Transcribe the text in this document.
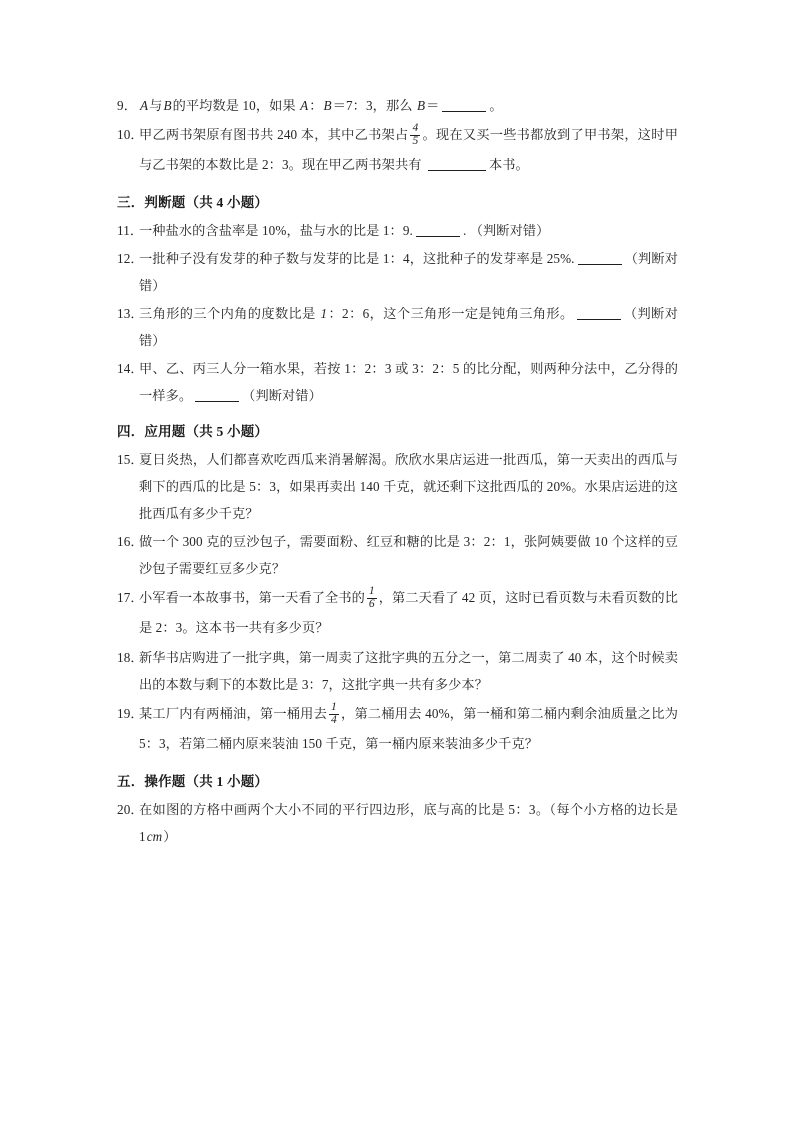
9． A与B的平均数是 10，如果 A：B＝7：3，那么 B＝	。
10．
甲乙两书架原有图书共 240 本，其中乙书架占 $\frac{4}{5}$ 。现在又买一些书都放到了甲书架，这时甲与乙书架的本数比是 2：3。现在甲乙两书架共有	本书。
三．判断题（共 4 小题）
11．
一种盐水的含盐率是 10%，盐与水的比是 1：9.	. （判断对错）
12．
一批种子没有发芽的种子数与发芽的比是 1：4，这批种子的发芽率是 25%.	（判断对错）
13．
三角形的三个内角的度数比是 1：2：6，这个三角形一定是钝角三角形。	（判断对错）
14．
甲、乙、丙三人分一箱水果，若按 1：2：3 或 3：2：5 的比分配，则两种分法中，乙分得的一样多。	（判断对错）
四．应用题（共 5 小题）
15．
夏日炎热，人们都喜欢吃西瓜来消暑解渴。欣欣水果店运进一批西瓜，第一天卖出的西瓜与剩下的西瓜的比是 5：3，如果再卖出 140 千克，就还剩下这批西瓜的 20%。水果店运进的这批西瓜有多少千克？
16．
做一个 300 克的豆沙包子，需要面粉、红豆和糖的比是 3：2：1，张阿姨要做 10 个这样的豆沙包子需要红豆多少克？
17．
小军看一本故事书，第一天看了全书的 $\frac{1}{6}$ ，第二天看了 42 页，这时已看页数与未看页数的比是 2：3。这本书一共有多少页？
18．
新华书店购进了一批字典，第一周卖了这批字典的五分之一，第二周卖了 40 本，这个时候卖出的本数与剩下的本数比是 3：7，这批字典一共有多少本？
19．
某工厂内有两桶油，第一桶用去 $\frac{1}{4}$ ，第二桶用去 40%，第一桶和第二桶内剩余油质量之比为 5：3，若第二桶内原来装油 150 千克，第一桶内原来装油多少千克？
五．操作题（共 1 小题）
20．
在如图的方格中画两个大小不同的平行四边形，底与高的比是 5：3。（每个小方格的边长是 1cm）
